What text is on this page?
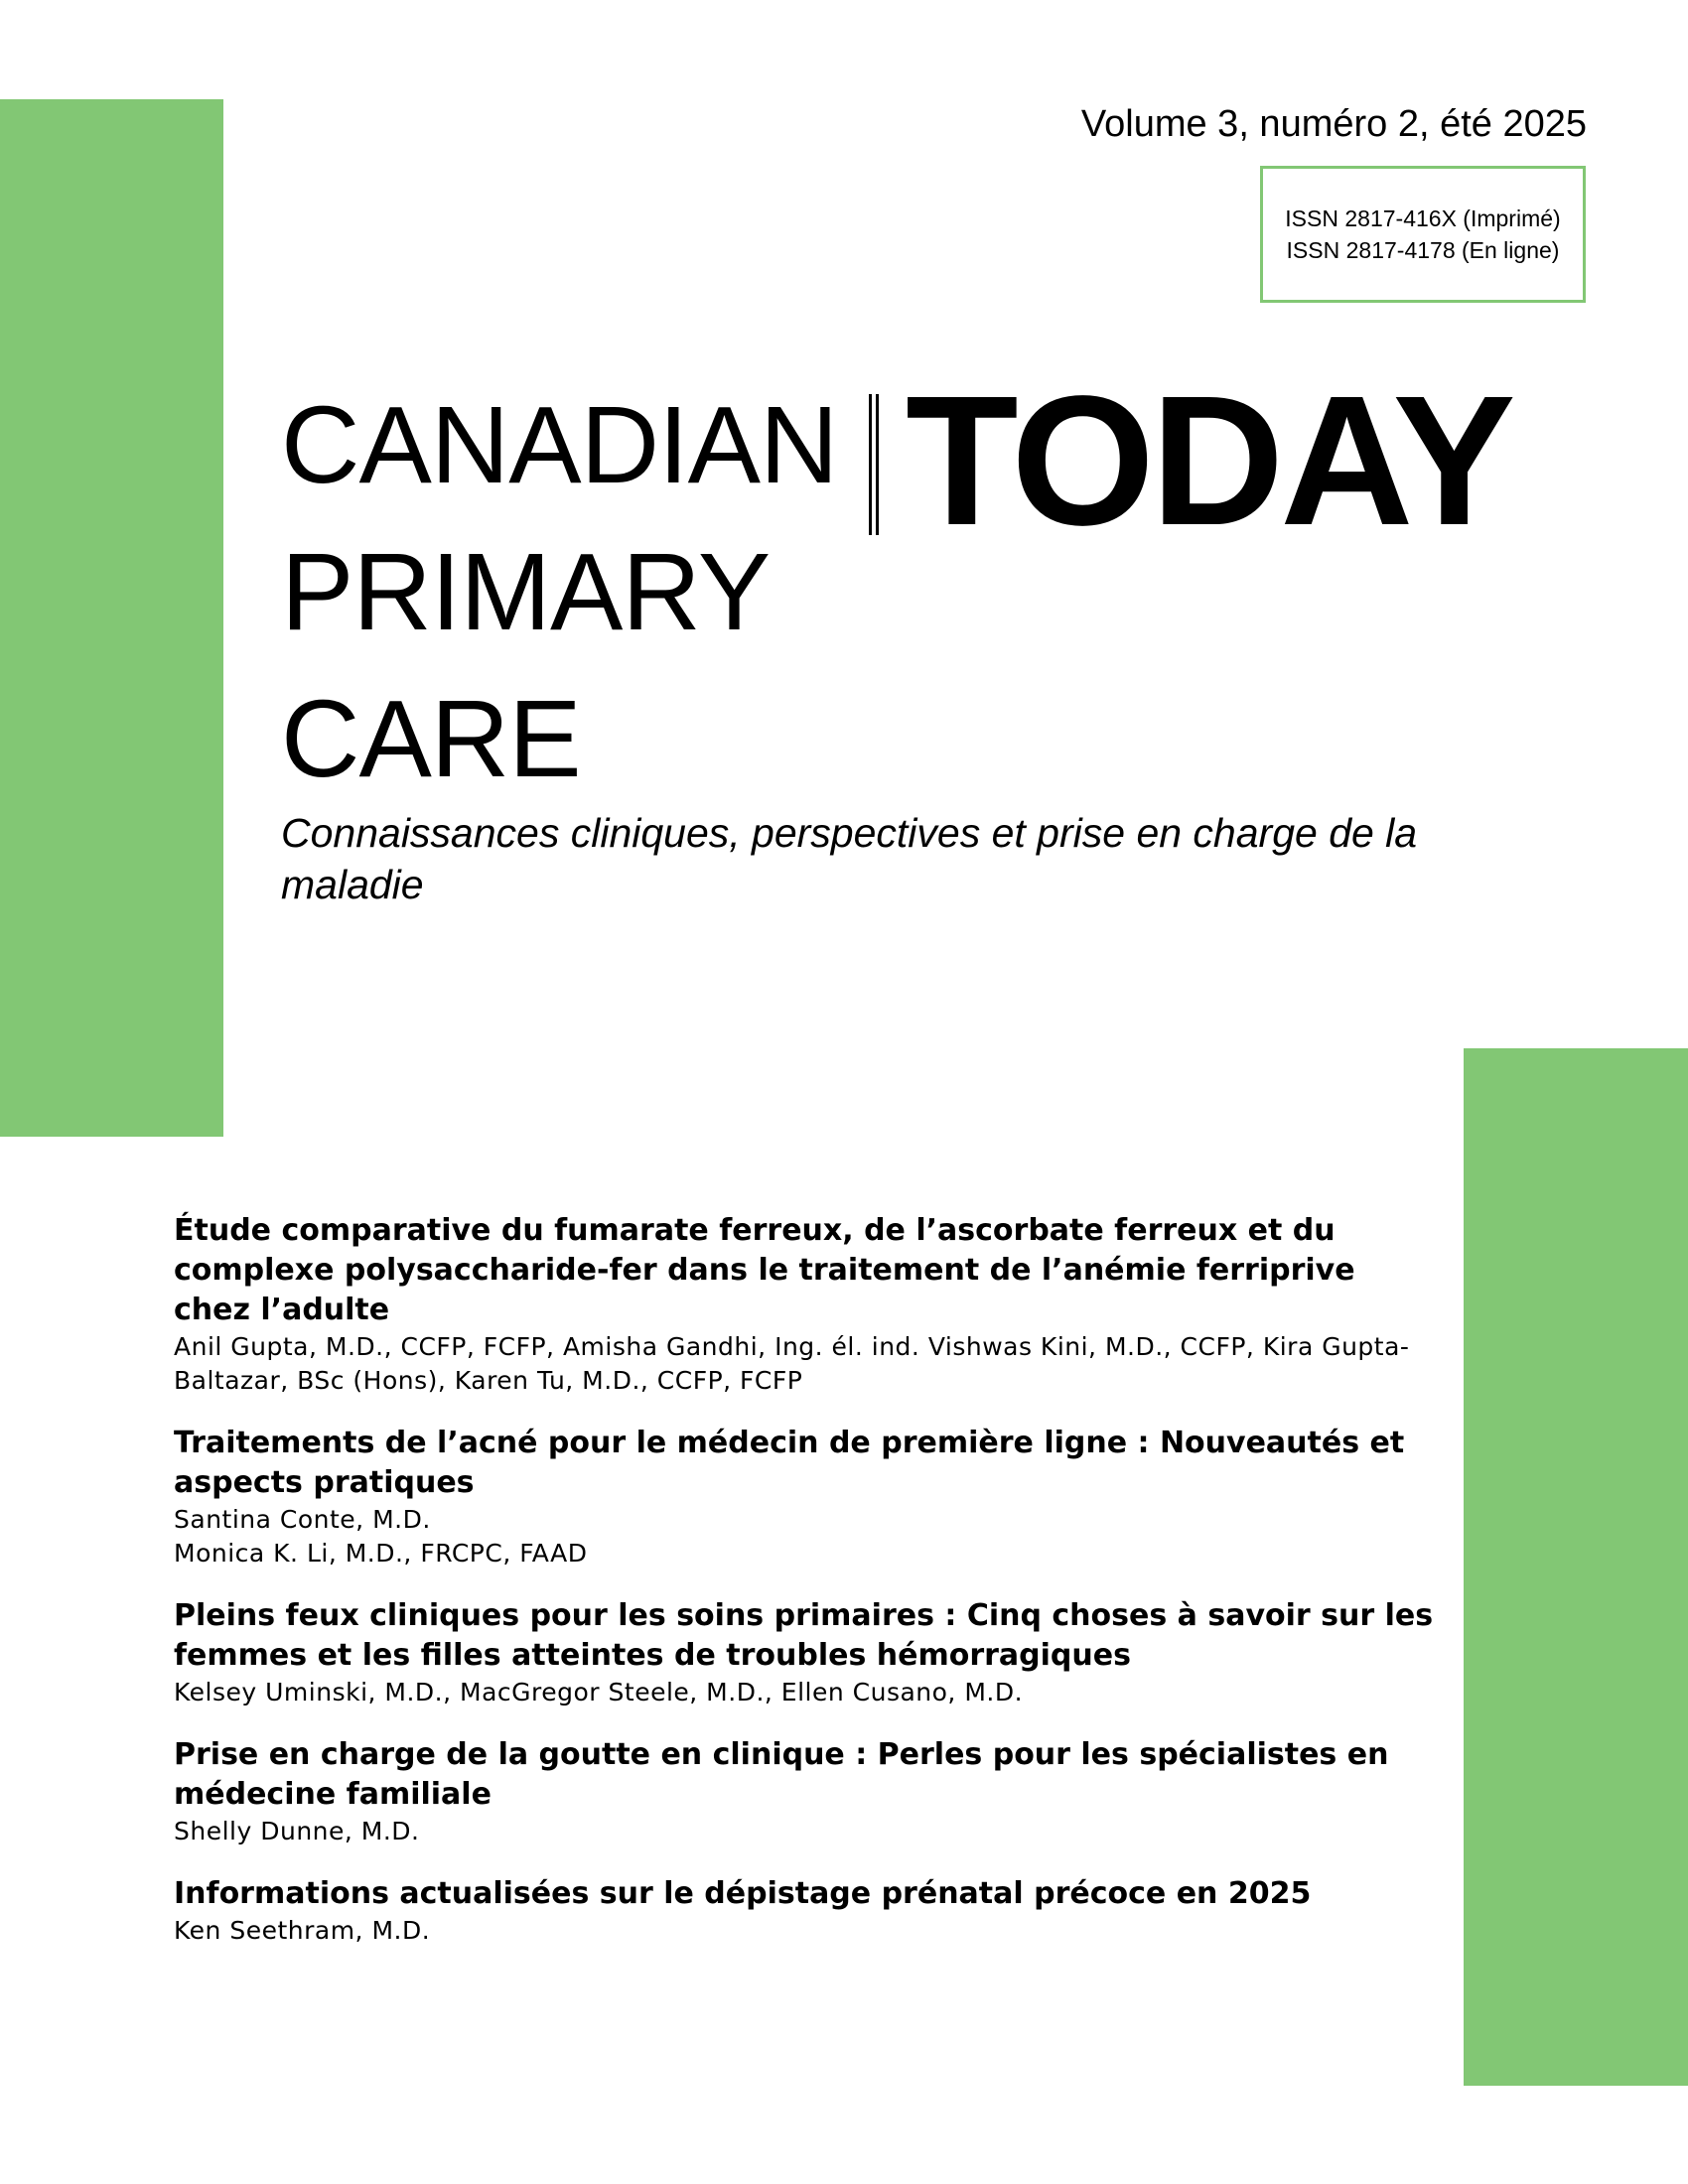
Volume 3, numéro 2, été 2025
ISSN 2817-416X (Imprimé)
ISSN 2817-4178 (En ligne)
CANADIAN
PRIMARY
CARE
TODAY
Connaissances cliniques, perspectives et prise en charge de la maladie
Étude comparative du fumarate ferreux, de l’ascorbate ferreux et du complexe polysaccharide-fer dans le traitement de l’anémie ferriprive chez l’adulte
Anil Gupta, M.D., CCFP, FCFP, Amisha Gandhi, Ing. él. ind. Vishwas Kini, M.D., CCFP, Kira Gupta-Baltazar, BSc (Hons), Karen Tu, M.D., CCFP, FCFP
Traitements de l’acné pour le médecin de première ligne : Nouveautés et aspects pratiques
Santina Conte, M.D.
Monica K. Li, M.D., FRCPC, FAAD
Pleins feux cliniques pour les soins primaires : Cinq choses à savoir sur les femmes et les filles atteintes de troubles hémorragiques
Kelsey Uminski, M.D., MacGregor Steele, M.D., Ellen Cusano, M.D.
Prise en charge de la goutte en clinique : Perles pour les spécialistes en médecine familiale
Shelly Dunne, M.D.
Informations actualisées sur le dépistage prénatal précoce en 2025
Ken Seethram, M.D.
